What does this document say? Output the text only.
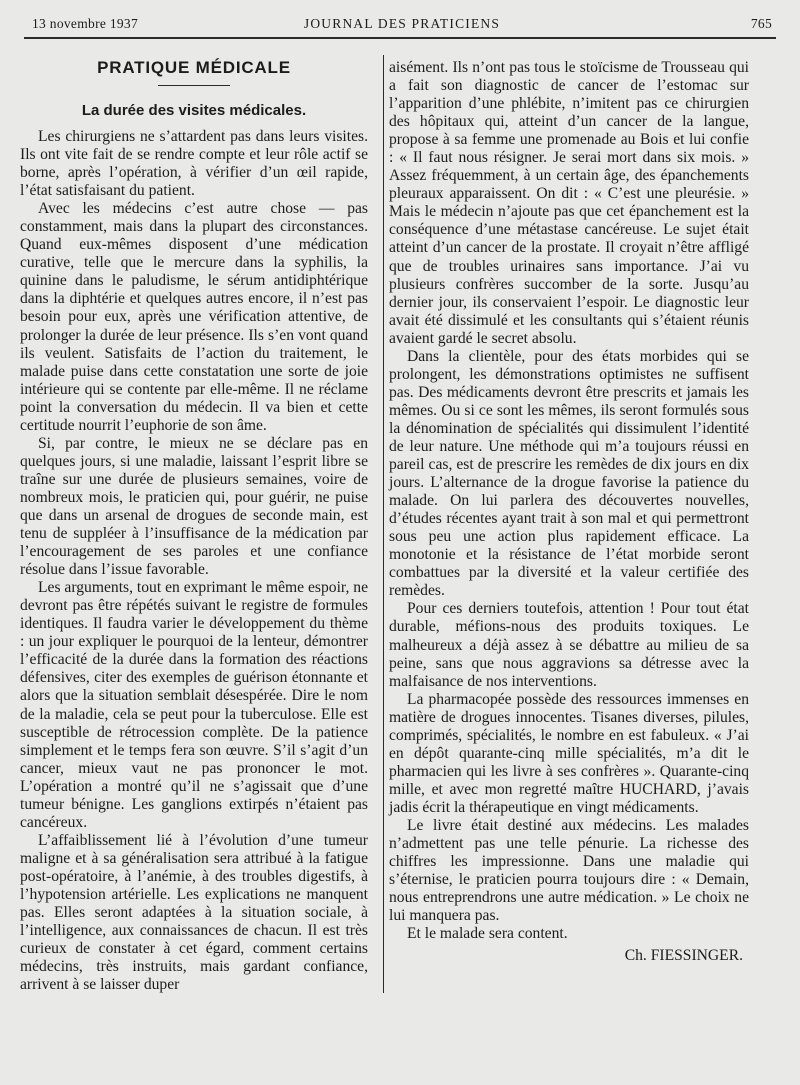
13 novembre 1937	JOURNAL DES PRATICIENS	765
PRATIQUE MÉDICALE
La durée des visites médicales.

Les chirurgiens ne s’attardent pas dans leurs visites. Ils ont vite fait de se rendre compte et leur rôle actif se borne, après l’opération, à vérifier d’un œil rapide, l’état satisfaisant du patient.

Avec les médecins c’est autre chose — pas constamment, mais dans la plupart des circonstances. Quand eux-mêmes disposent d’une médication curative, telle que le mercure dans la syphilis, la quinine dans le paludisme, le sérum antidiphtérique dans la diphtérie et quelques autres encore, il n’est pas besoin pour eux, après une vérification attentive, de prolonger la durée de leur présence. Ils s’en vont quand ils veulent. Satisfaits de l’action du traitement, le malade puise dans cette constatation une sorte de joie intérieure qui se contente par elle-même. Il ne réclame point la conversation du médecin. Il va bien et cette certitude nourrit l’euphorie de son âme.

Si, par contre, le mieux ne se déclare pas en quelques jours, si une maladie, laissant l’esprit libre se traîne sur une durée de plusieurs semaines, voire de nombreux mois, le praticien qui, pour guérir, ne puise que dans un arsenal de drogues de seconde main, est tenu de suppléer à l’insuffisance de la médication par l’encouragement de ses paroles et une confiance résolue dans l’issue favorable.

Les arguments, tout en exprimant le même espoir, ne devront pas être répétés suivant le registre de formules identiques. Il faudra varier le développement du thème : un jour expliquer le pourquoi de la lenteur, démontrer l’efficacité de la durée dans la formation des réactions défensives, citer des exemples de guérison étonnante et alors que la situation semblait désespérée. Dire le nom de la maladie, cela se peut pour la tuberculose. Elle est susceptible de rétrocession complète. De la patience simplement et le temps fera son œuvre. S’il s’agit d’un cancer, mieux vaut ne pas prononcer le mot. L’opération a montré qu’il ne s’agissait que d’une tumeur bénigne. Les ganglions extirpés n’étaient pas cancéreux.

L’affaiblissement lié à l’évolution d’une tumeur maligne et à sa généralisation sera attribué à la fatigue post-opératoire, à l’anémie, à des troubles digestifs, à l’hypotension artérielle. Les explications ne manquent pas. Elles seront adaptées à la situation sociale, à l’intelligence, aux connaissances de chacun. Il est très curieux de constater à cet égard, comment certains médecins, très instruits, mais gardant confiance, arrivent à se laisser duper

aisément. Ils n’ont pas tous le stoïcisme de Trousseau qui a fait son diagnostic de cancer de l’estomac sur l’apparition d’une phlébite, n’imitent pas ce chirurgien des hôpitaux qui, atteint d’un cancer de la langue, propose à sa femme une promenade au Bois et lui confie : « Il faut nous résigner. Je serai mort dans six mois. » Assez fréquemment, à un certain âge, des épanchements pleuraux apparaissent. On dit : « C’est une pleurésie. » Mais le médecin n’ajoute pas que cet épanchement est la conséquence d’une métastase cancéreuse. Le sujet était atteint d’un cancer de la prostate. Il croyait n’être affligé que de troubles urinaires sans importance. J’ai vu plusieurs confrères succomber de la sorte. Jusqu’au dernier jour, ils conservaient l’espoir. Le diagnostic leur avait été dissimulé et les consultants qui s’étaient réunis avaient gardé le secret absolu.

Dans la clientèle, pour des états morbides qui se prolongent, les démonstrations optimistes ne suffisent pas. Des médicaments devront être prescrits et jamais les mêmes. Ou si ce sont les mêmes, ils seront formulés sous la dénomination de spécialités qui dissimulent l’identité de leur nature. Une méthode qui m’a toujours réussi en pareil cas, est de prescrire les remèdes de dix jours en dix jours. L’alternance de la drogue favorise la patience du malade. On lui parlera des découvertes nouvelles, d’études récentes ayant trait à son mal et qui permettront sous peu une action plus rapidement efficace. La monotonie et la résistance de l’état morbide seront combattues par la diversité et la valeur certifiée des remèdes.

Pour ces derniers toutefois, attention ! Pour tout état durable, méfions-nous des produits toxiques. Le malheureux a déjà assez à se débattre au milieu de sa peine, sans que nous aggravions sa détresse avec la malfaisance de nos interventions.

La pharmacopée possède des ressources immenses en matière de drogues innocentes. Tisanes diverses, pilules, comprimés, spécialités, le nombre en est fabuleux. « J’ai en dépôt quarante-cinq mille spécialités, m’a dit le pharmacien qui les livre à ses confrères ». Quarante-cinq mille, et avec mon regretté maître HUCHARD, j’avais jadis écrit la thérapeutique en vingt médicaments.

Le livre était destiné aux médecins. Les malades n’admettent pas une telle pénurie. La richesse des chiffres les impressionne. Dans une maladie qui s’éternise, le praticien pourra toujours dire : « Demain, nous entreprendrons une autre médication. » Le choix ne lui manquera pas.

Et le malade sera content.

Ch. FIESSINGER.
